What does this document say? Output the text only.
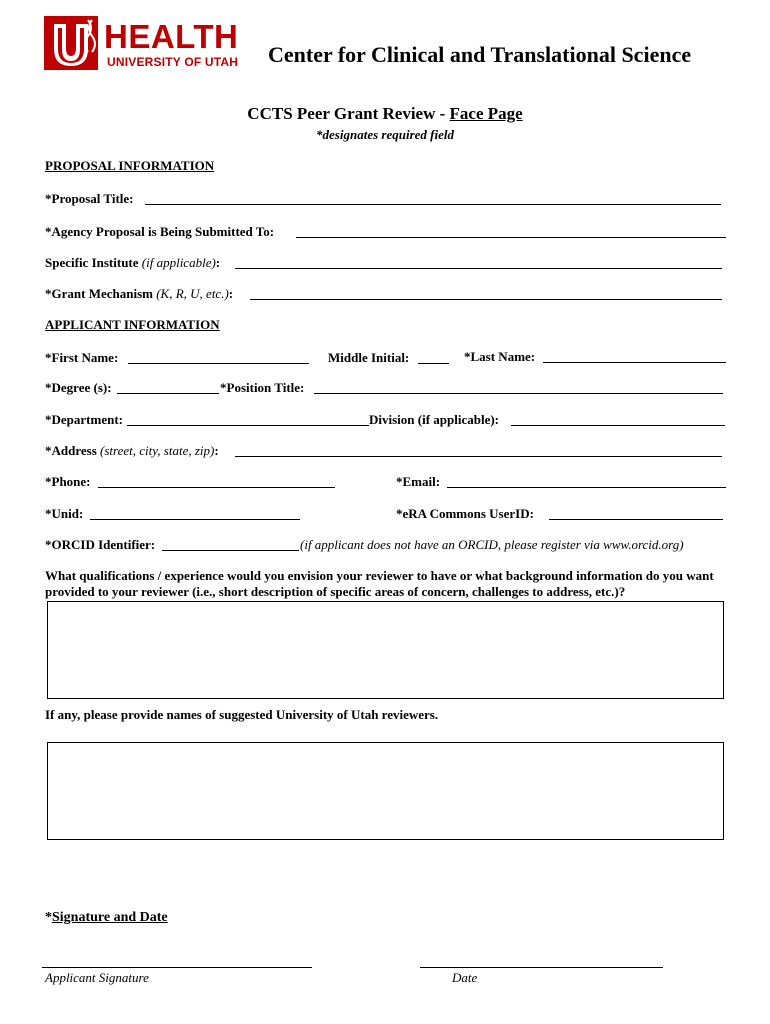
HEALTH
UNIVERSITY OF UTAH Center for Clinical and Translational Science
CCTS Peer Grant Review - Face Page
*designates required field
PROPOSAL INFORMATION
*Proposal Title:
*Agency Proposal is Being Submitted To:
Specific Institute (if applicable):
*Grant Mechanism (K, R, U, etc.):
APPLICANT INFORMATION
*First Name:	Middle Initial:	*Last Name:
*Degree (s):	*Position Title:
*Department:	Division (if applicable):
*Address (street, city, state, zip):
*Phone:	*Email:
*Unid:	*eRA Commons UserID:
*ORCID Identifier:	(if applicant does not have an ORCID, please register via www.orcid.org)
What qualifications / experience would you envision your reviewer to have or what background information do you want provided to your reviewer (i.e., short description of specific areas of concern, challenges to address, etc.)?
If any, please provide names of suggested University of Utah reviewers.
*Signature and Date
Applicant Signature	Date
